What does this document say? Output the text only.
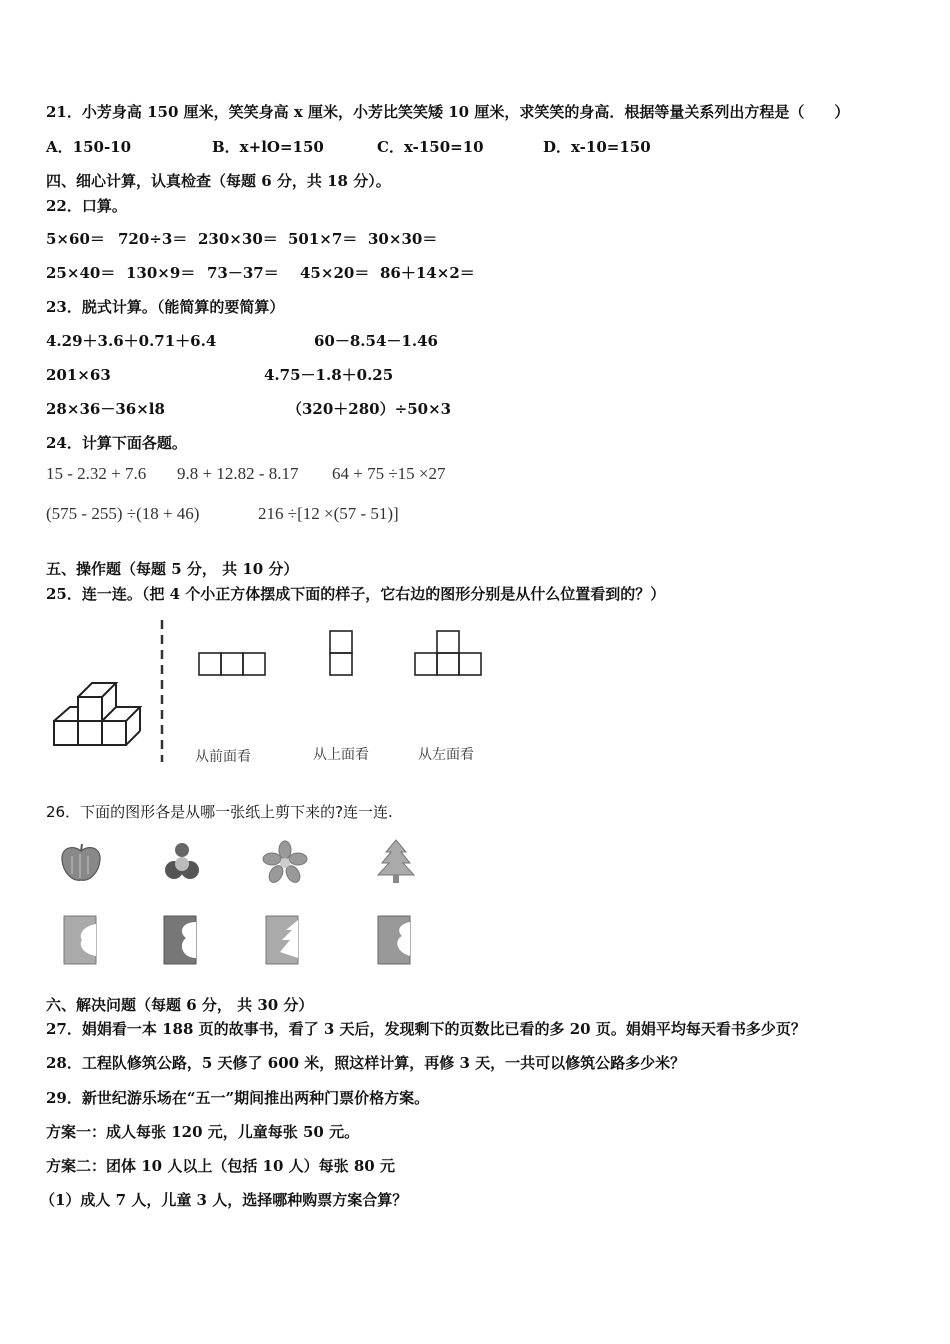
21．小芳身高 150 厘米，笑笑身高 x 厘米，小芳比笑笑矮 10 厘米，求笑笑的身高．根据等量关系列出方程是（　　）
A．150-10	B．x+lO=150	C．x-150=10	D．x-10=150
四、细心计算，认真检查（每题 6 分，共 18 分）。
22．口算。
5×60＝ 720÷3＝ 230×30＝ 501×7＝ 30×30＝
25×40＝ 130×9＝ 73－37＝ 45×20＝ 86＋14×2＝
23．脱式计算。（能简算的要简算）
4.29＋3.6＋0.71＋6.4	60－8.54－1.46
201×63	4.75－1.8＋0.25
28×36－36×l8	（320＋280）÷50×3
24．计算下面各题。
15 - 2.32 + 7.6 9.8 + 12.82 - 8.17 64 + 75 ÷15 ×27
(575 - 255) ÷(18 + 46)	216 ÷[12 ×(57 - 51)]
五、操作题（每题 5 分， 共 10 分）
25．连一连。（把 4 个小正方体摆成下面的样子，它右边的图形分别是从什么位置看到的？）
从前面看	从上面看	从左面看
26．下面的图形各是从哪一张纸上剪下来的?连一连.
六、解决问题（每题 6 分， 共 30 分）
27．娟娟看一本 188 页的故事书，看了 3 天后，发现剩下的页数比已看的多 20 页。娟娟平均每天看书多少页？
28．工程队修筑公路，5 天修了 600 米，照这样计算，再修 3 天，一共可以修筑公路多少米？
29．新世纪游乐场在“五一”期间推出两种门票价格方案。
方案一：成人每张 120 元，儿童每张 50 元。
方案二：团体 10 人以上（包括 10 人）每张 80 元
（1）成人 7 人，儿童 3 人，选择哪种购票方案合算？
